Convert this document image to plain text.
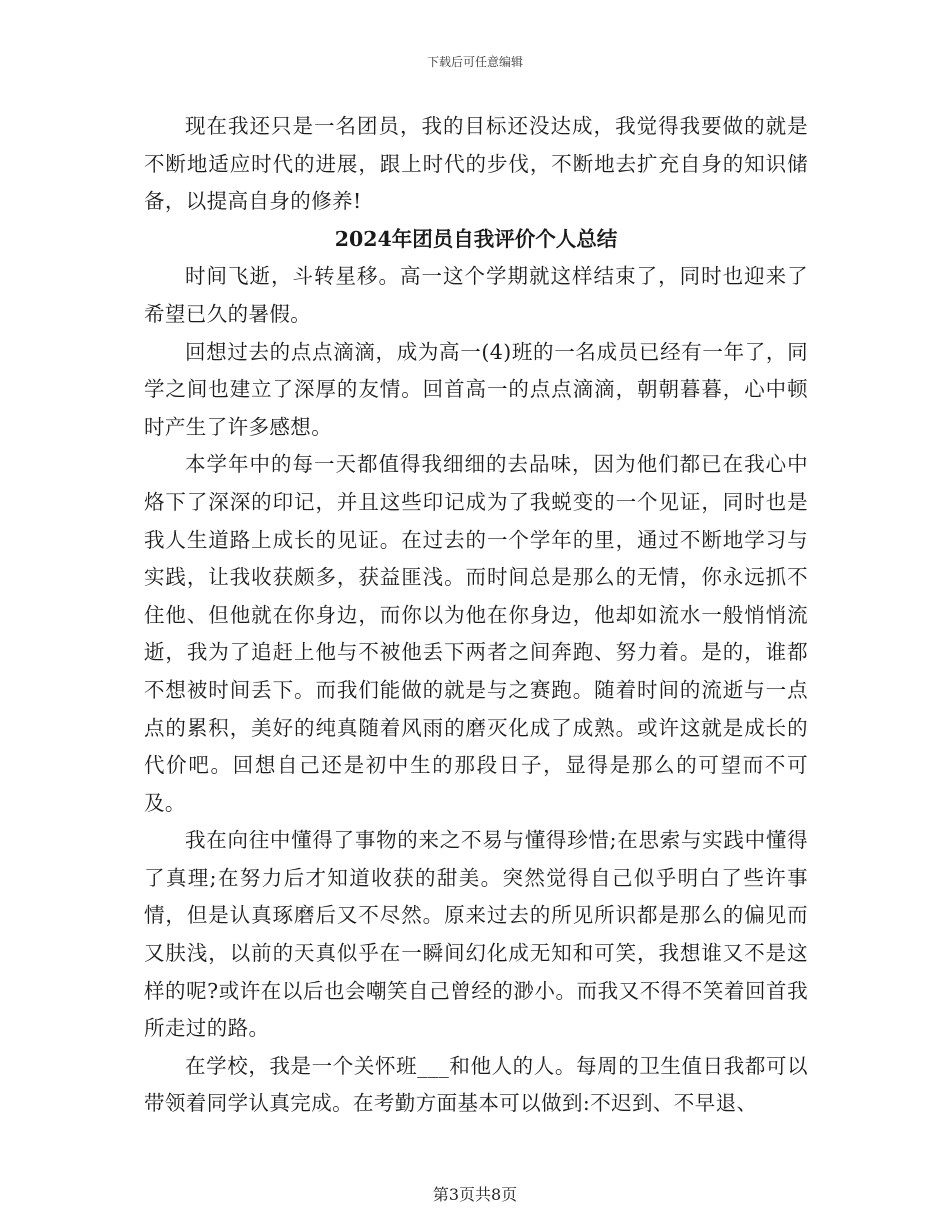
下载后可任意编辑

现在我还只是一名团员，我的目标还没达成，我觉得我要做的就是不断地适应时代的进展，跟上时代的步伐，不断地去扩充自身的知识储备，以提高自身的修养!

2024年团员自我评价个人总结

时间飞逝，斗转星移。高一这个学期就这样结束了，同时也迎来了希望已久的暑假。

回想过去的点点滴滴，成为高一(4)班的一名成员已经有一年了，同学之间也建立了深厚的友情。回首高一的点点滴滴，朝朝暮暮，心中顿时产生了许多感想。

本学年中的每一天都值得我细细的去品味，因为他们都已在我心中烙下了深深的印记，并且这些印记成为了我蜕变的一个见证，同时也是我人生道路上成长的见证。在过去的一个学年的里，通过不断地学习与实践，让我收获颇多，获益匪浅。而时间总是那么的无情，你永远抓不住他、但他就在你身边，而你以为他在你身边，他却如流水一般悄悄流逝，我为了追赶上他与不被他丢下两者之间奔跑、努力着。是的，谁都不想被时间丢下。而我们能做的就是与之赛跑。随着时间的流逝与一点点的累积，美好的纯真随着风雨的磨灭化成了成熟。或许这就是成长的代价吧。回想自己还是初中生的那段日子，显得是那么的可望而不可及。

我在向往中懂得了事物的来之不易与懂得珍惜;在思索与实践中懂得了真理;在努力后才知道收获的甜美。突然觉得自己似乎明白了些许事情，但是认真琢磨后又不尽然。原来过去的所见所识都是那么的偏见而又肤浅，以前的天真似乎在一瞬间幻化成无知和可笑，我想谁又不是这样的呢?或许在以后也会嘲笑自己曾经的渺小。而我又不得不笑着回首我所走过的路。

在学校，我是一个关怀班___和他人的人。每周的卫生值日我都可以带领着同学认真完成。在考勤方面基本可以做到:不迟到、不早退、

第3页共8页
